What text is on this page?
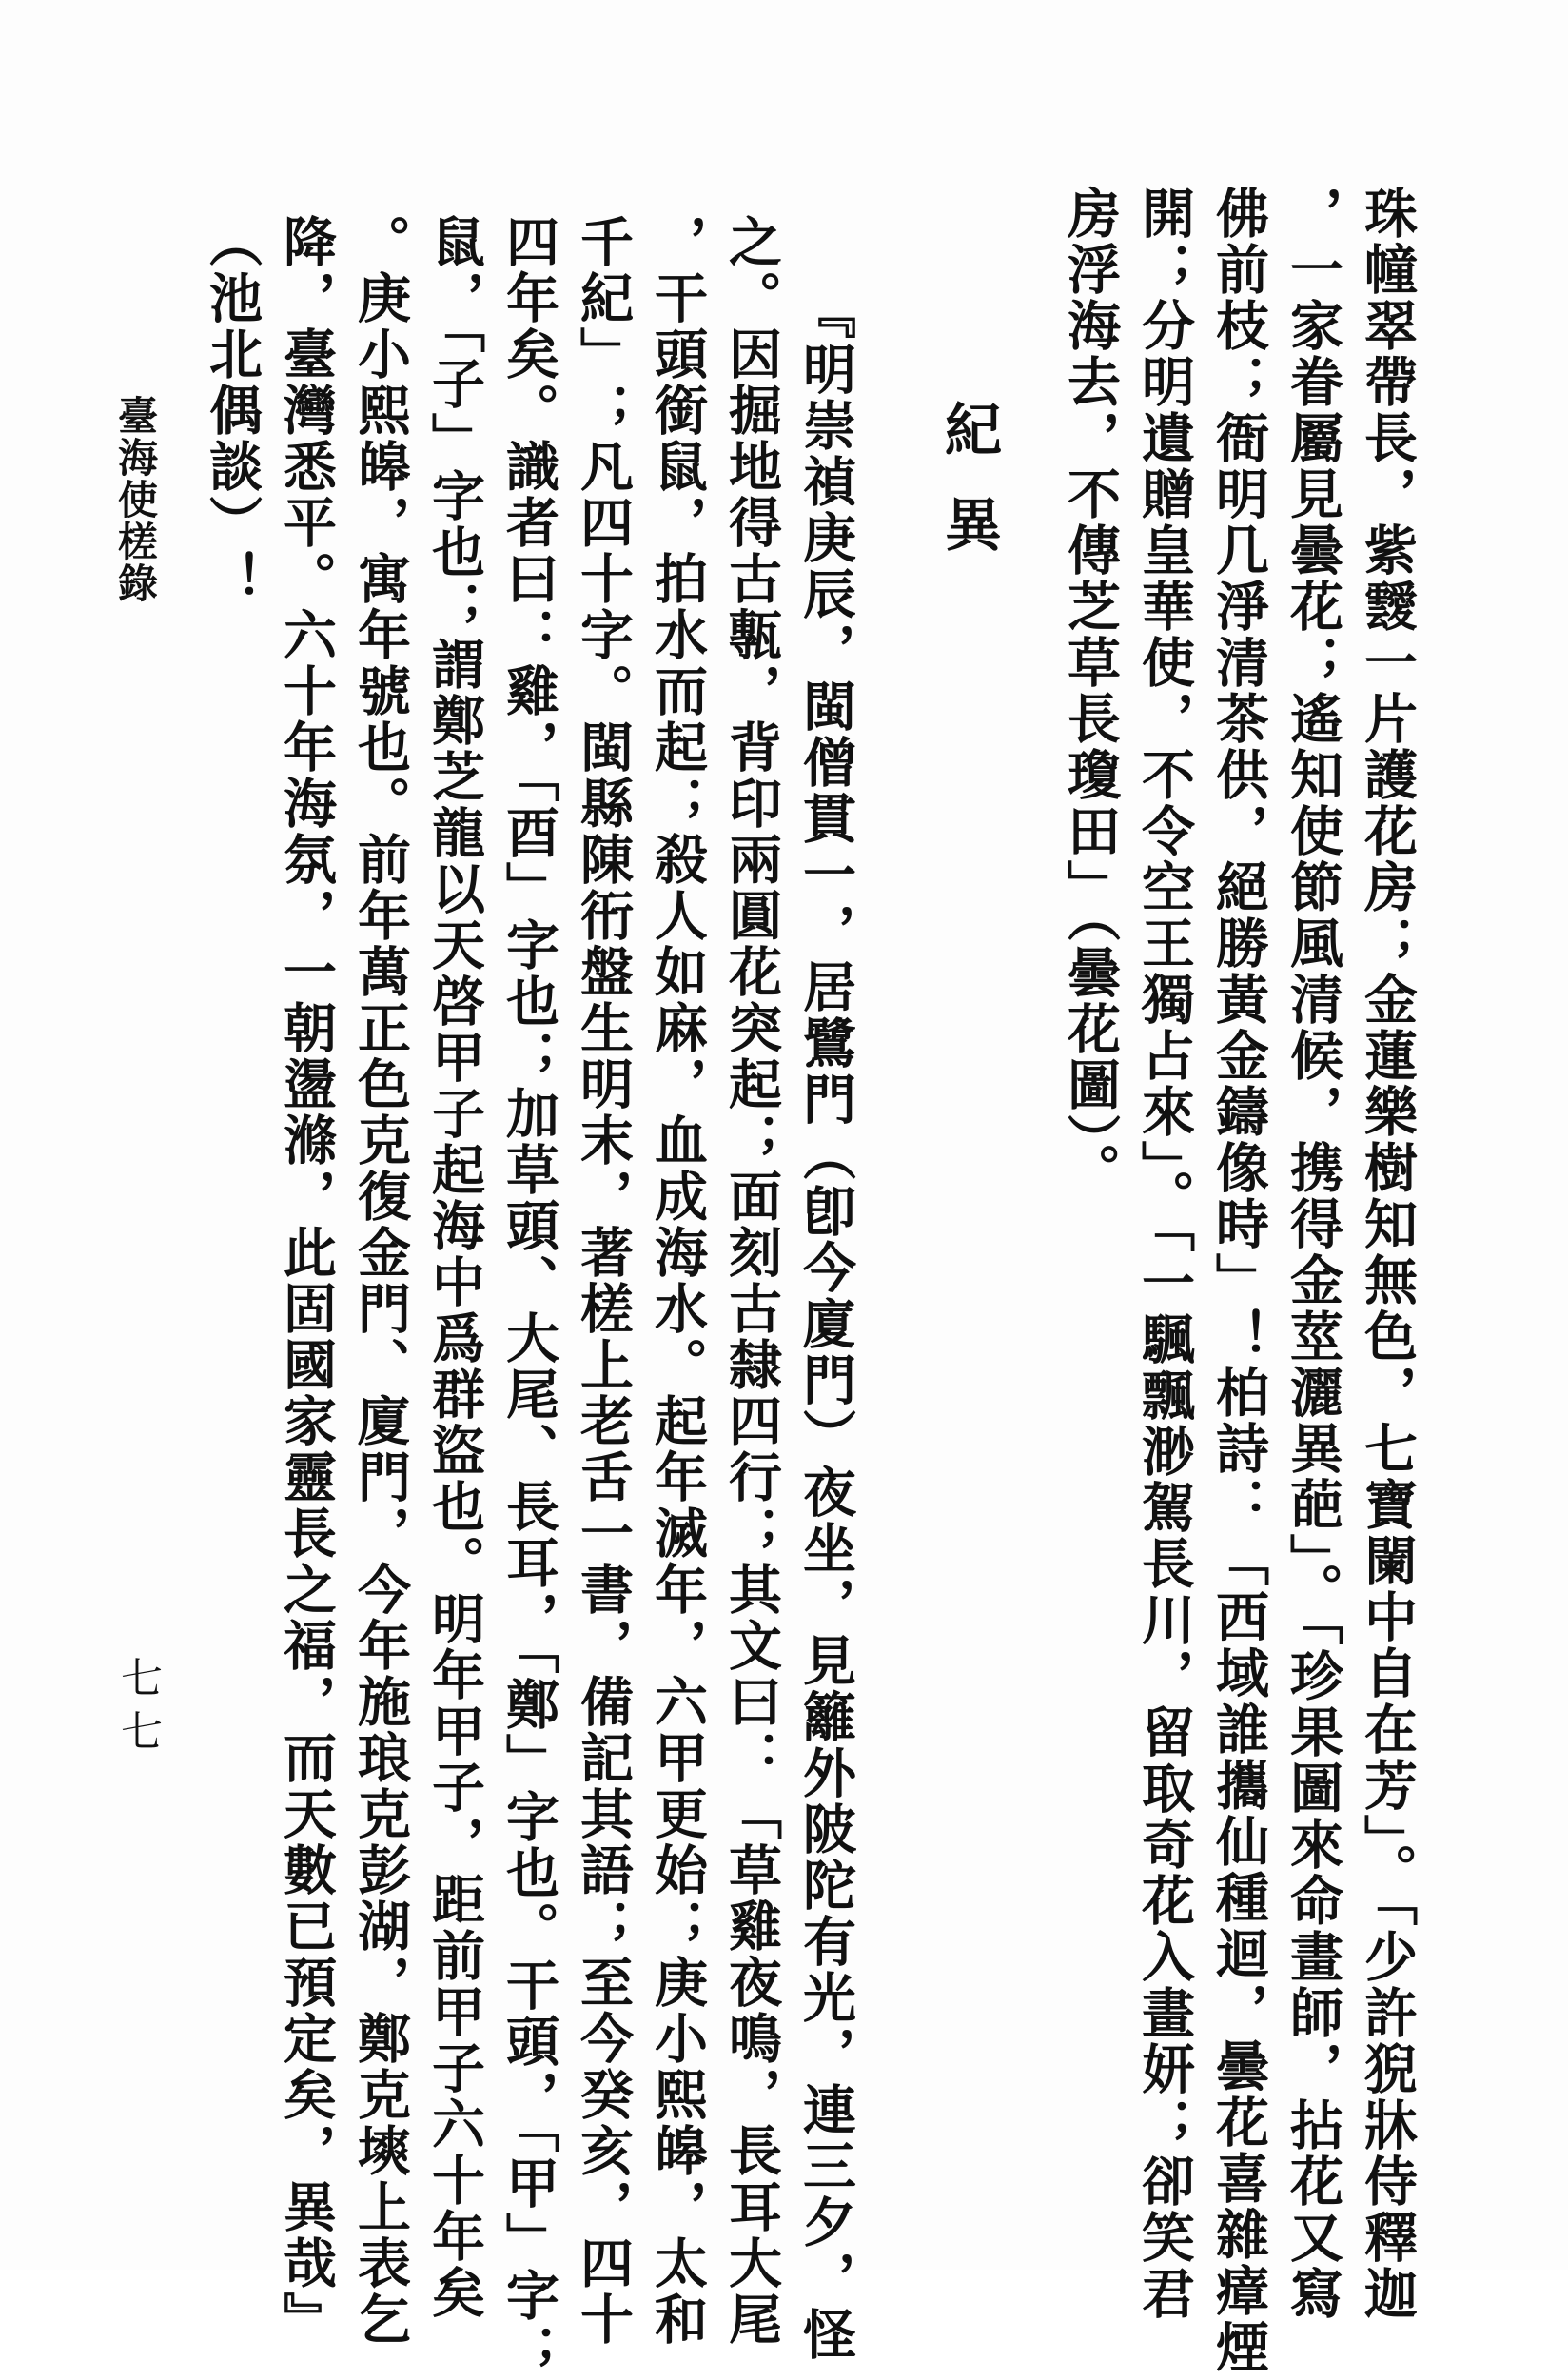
珠幢翠帶長，紫靉一片護花房；金蓮樂樹知無色，七寶闌中自在芳」。「少許猊牀侍釋迦
，一家眷屬見曇花；遙知使節風清候，携得金莖灑異葩」。「珍果圖來命畫師，拈花又寫
佛前枝；衙明几淨清茶供，絕勝黃金鑄像時」！柏詩：「西域誰攜仙種迴，曇花喜雜瘴煙
開；分明遺贈皇華使，不令空王獨占來」。「一颿飄渺駕長川，留取奇花入畫妍；卻笑君
房浮海去，不傳芝草長瓊田」（曇花圖）。
紀異
『明崇禎庚辰，閩僧貫一，居鷺門（卽今廈門）夜坐，見籬外陂陀有光，連三夕，怪
之。因掘地得古甎，背印兩圓花突起；面刻古隸四行；其文曰：「草雞夜鳴，長耳大尾
，干頭銜鼠，拍水而起；殺人如麻，血成海水。起年滅年，六甲更始；庚小熙皞，太和
千紀」；凡四十字。閩縣陳衎盤生明末，著槎上老舌一書，備記其語；至今癸亥，四十
四年矣。識者曰：雞，「酉」字也；加草頭、大尾、長耳，「鄭」字也。干頭，「甲」字；
鼠，「子」字也；謂鄭芝龍以天啓甲子起海中爲群盜也。明年甲子，距前甲子六十年矣
。庚小熙皞，寓年號也。前年萬正色克復金門、廈門，今年施琅克彭湖，鄭克塽上表乞
降，臺灣悉平。六十年海氛，一朝盪滌，此固國家靈長之福，而天數已預定矣，異哉』
（池北偶談）！
臺海使槎錄
七七
